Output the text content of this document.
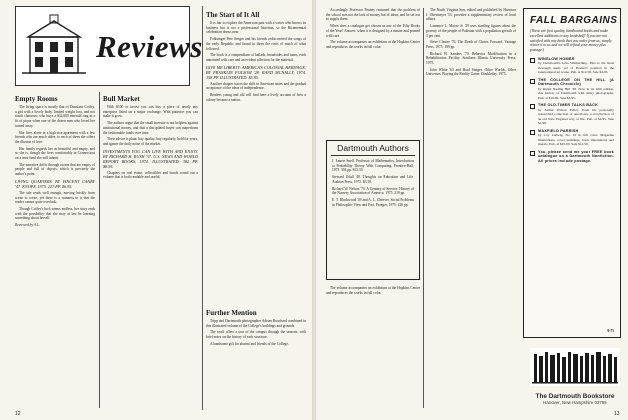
Reviews
Empty Rooms

The living space is mostly that of Dunstans Coffey, a girl with a lovely body, limited weight loss, and not much character, who buys a $32,000 emerald ring in a fit of pique when one of the dozen men who loved her turned away.

She lives alone in a high-rise apartment with a few friends who are much older; to each of them she offers the illusion of love.

Her family regards her as beautiful and empty, and so she is, though she lives comfortably in Connecticut on a trust fund she will inherit.

The narrative drifts through rooms that are empty of people and full of objects, which is precisely the author's point.

LIVING QUARTERS. BY VINCENT CANBY '47. KNOPF, 1975. 227 PP. $6.95.

The tale reads well enough, moving briskly from scene to scene, yet there is a wanness to it that the reader cannot quite overlook.

Though Coffey's luck seems endless, her story ends with the possibility that she may at last be learning something about herself.

Reviewed by A.L.

Bull Market

With $100 to invest you can buy a piece of nearly any enterprise listed on a major exchange. With patience you can make it grow.

The authors argue that the small investor is not helpless against institutional money, and that a disciplined buyer can outperform the fashionable funds over time.

Their advice is plain: buy quality, buy regularly, hold for years, and ignore the daily noise of the market.

INVESTMENTS YOU CAN LIVE WITH AND ENJOY. BY RICHARD H. RUSH '37. U.S. NEWS AND WORLD REPORT BOOKS, 1974. ILLUSTRATED. 382 PP. $8.95.

Chapters on real estate, collectibles and bonds round out a volume that is both readable and useful.

The Start of It All

It is fair to explore the American past with a writer who knows its business but is not a professional historian, so the Bicentennial celebration draws near.

Folksinger Pete Seeger and his friends rediscovered the songs of the early Republic and found in them the roots of much of what followed.

The book is a compendium of ballads, broadsides and tunes, each annotated with care and an evident affection for the material.

GIVE ME LIBERTY: AMERICA'S COLONIAL HERITAGE. BY FRANKLIN FOLSOM '28. RAND MCNALLY, 1974. 158 PP. ILLUSTRATED. $5.95.

Another chapter traces the shift in American tastes and the gradual acceptance of the ideas of independence.

Readers young and old will find here a lively account of how a colony became a nation.

Further Mention

Tripp and Dartmouth photographer Adrian Bouchard combined in this illustrated volume of the College's buildings and grounds.

The work offers a tour of the campus through the seasons, with brief notes on the history of each structure.

A handsome gift for alumni and friends of the College.

12

Accordingly Professor Penney reasoned that the problem of the school was not the lack of money but of ideas, and he set out to supply them.

When does a catalogue get chosen as one of the Fifty Books of the Year? Answer: when it is designed by a master and printed with care.

The volume accompanies an exhibition at the Hopkins Center and reproduces the works in full color.

The North Virginia Sun, edited and published by Harrison J. Obermeyer '53, provides a supplementary review of local affairs.

Laurence L. Moore Jr. '29 uses startling figures about the poverty of the people of Pakistan with a population growth of 3 per cent.

Steve Clauter '76. The Death of Closer, Forward. Vantage Press, 1975. 189 pp.

Richard W. Sanders '70. Behavior Modification in a Rehabilitation Facility. Southern Illinois University Press, 1975.

John White '63 and Brad Steiger. Other Worlds, Other Universes: Playing the Reality Game. Doubleday, 1975.

The volume accompanies an exhibition at the Hopkins Center and reproduces the works in full color.

13
Dartmouth Authors

J. Laurie Snell, Professor of Mathematics. Introduction to Probability Theory With Computing. Prentice-Hall, 1975. 304 pp. $12.50.

Steward Udall '48. Thoughts on Education and Life. Arabian Press, 1975. $3.50.

Richard W. Nelson '70. A Century of Service: History of the Nursery Association of America. 1975. 219 pp.

E. T. Blackwood '49 and A. L. Cheever. Social Problems in Philosophic View and Fact. Praeger, 1975. 226 pp.

FALL BARGAINS
(These are first quality, hardbound books and make excellent additions to any bookshelf! If you are not satisfied with any book that you order from us, simply return it to us and we will refund your money plus postage.)
WINSLOW HOMER
by Dartmouth's John Wilmerding. This is the most thorough study yet of Homer's position in the international art scene. Pub. at $12.50. Sale $4.95.
THE COLLEGE ON THE HILL (A Dartmouth Chronicle)
by Ralph Nading Hill '38. Now in its 10th edition, this history of Dartmouth with many photographs. Pub. at $10.00. Sale $3.95.
THE OLD-TIMER TALKS BACK
by Arthur Wilson Fuller. From his personally researched collection of anecdotes, a recollection of an old New England way of life. Pub. at $4.95. Sale $1.98.
MAXFIELD PARRISH
by Coy Ludwig, No. 10 in full color. Magazine illustrations, cover paintings, book illustrations and murals. Pub. at $25.00. Sale $12.50.
You, please send me your FREE book catalogue on a Dartmouth Nonfiction. All prices include postage.
9-75
The Dartmouth Bookstore
Hanover, New Hampshire 03755
